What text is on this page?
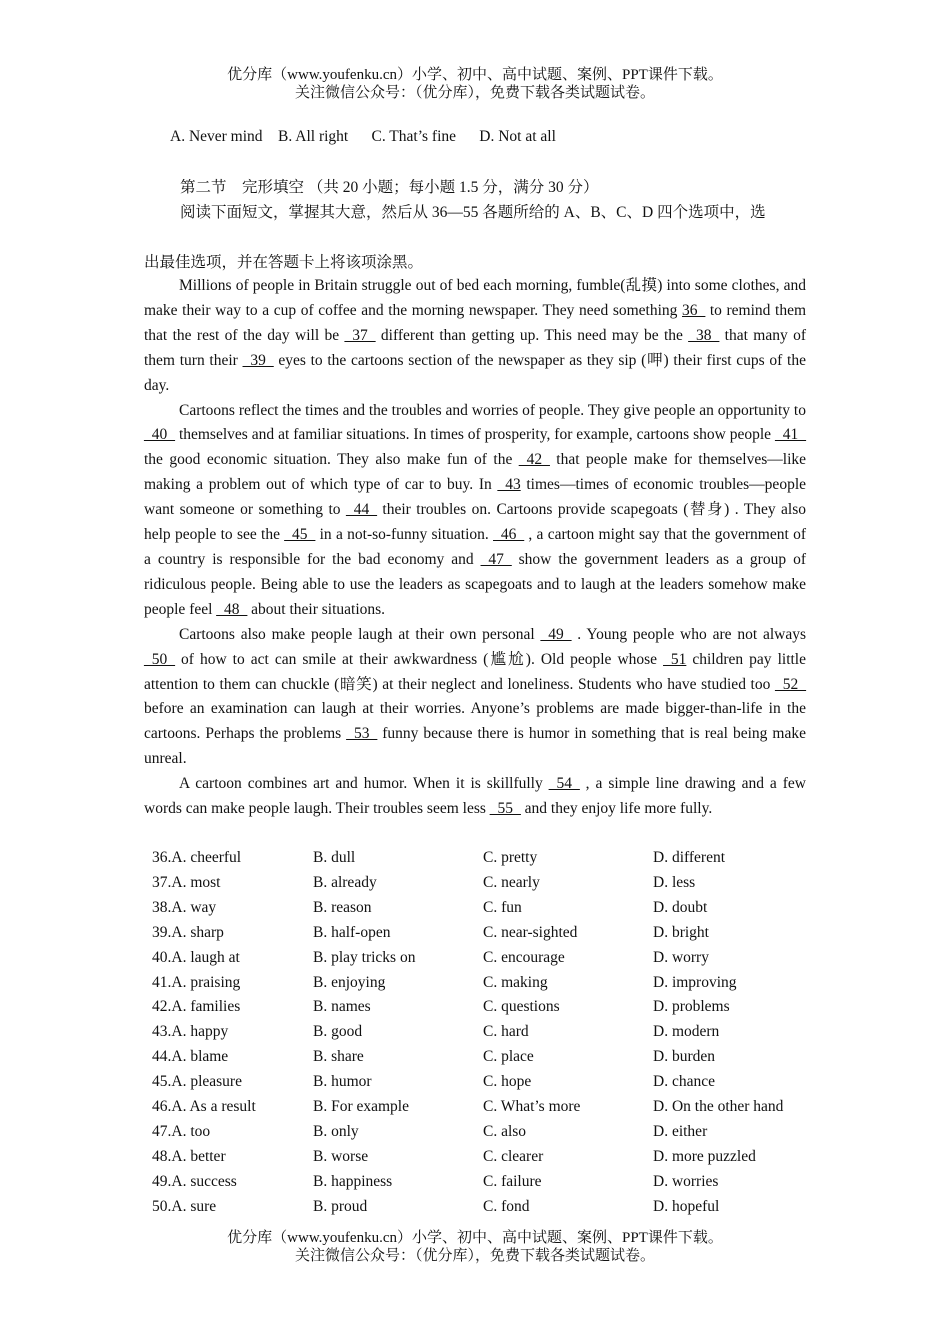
优分库（www.youfenku.cn）小学、初中、高中试题、案例、PPT课件下载。
关注微信公众号：（优分库），免费下载各类试题试卷。
A. Never mind    B. All right      C. That’s fine      D. Not at all
第二节　完形填空 （共 20 小题；每小题 1.5 分，满分 30 分）
阅读下面短文，掌握其大意，然后从 36—55 各题所给的 A、B、C、D 四个选项中，选
出最佳选项，并在答题卡上将该项涂黑。

Millions of people in Britain struggle out of bed each morning, fumble(乱摸) into some clothes, and make their way to a cup of coffee and the morning newspaper. They need something 36_ to remind them that the rest of the day will be _37_ different than getting up. This need may be the _38_ that many of them turn their _39_ eyes to the cartoons section of the newspaper as they sip (呷) their first cups of the day.

Cartoons reflect the times and the troubles and worries of people. They give people an opportunity to _40_ themselves and at familiar situations. In times of prosperity, for example, cartoons show people _41_ the good economic situation. They also make fun of the _42_ that people make for themselves—like making a problem out of which type of car to buy. In _43 times—times of economic troubles—people want someone or something to _44_ their troubles on. Cartoons provide scapegoats (替身) . They also help people to see the _45_ in a not-so-funny situation. _46_ , a cartoon might say that the government of a country is responsible for the bad economy and _47_ show the government leaders as a group of ridiculous people. Being able to use the leaders as scapegoats and to laugh at the leaders somehow make people feel _48_ about their situations.

Cartoons also make people laugh at their own personal _49_ . Young people who are not always _50_ of how to act can smile at their awkwardness (尴尬). Old people whose _51 children pay little attention to them can chuckle (暗笑) at their neglect and loneliness. Students who have studied too _52_ before an examination can laugh at their worries. Anyone’s problems are made bigger-than-life in the cartoons. Perhaps the problems _53_ funny because there is humor in something that is real being make unreal.

A cartoon combines art and humor. When it is skillfully _54_ , a simple line drawing and a few words can make people laugh. Their troubles seem less _55_ and they enjoy life more fully.

36.A. cheerful	B. dull	C. pretty	D. different
37.A. most	B. already	C. nearly	D. less
38.A. way	B. reason	C. fun	D. doubt
39.A. sharp	B. half-open	C. near-sighted	D. bright
40.A. laugh at	B. play tricks on	C. encourage	D. worry
41.A. praising	B. enjoying	C. making	D. improving
42.A. families	B. names	C. questions	D. problems
43.A. happy	B. good	C. hard	D. modern
44.A. blame	B. share	C. place	D. burden
45.A. pleasure	B. humor	C. hope	D. chance
46.A. As a result	B. For example	C. What’s more	D. On the other hand
47.A. too	B. only	C. also	D. either
48.A. better	B. worse	C. clearer	D. more puzzled
49.A. success	B. happiness	C. failure	D. worries
50.A. sure	B. proud	C. fond	D. hopeful
优分库（www.youfenku.cn）小学、初中、高中试题、案例、PPT课件下载。
关注微信公众号：（优分库），免费下载各类试题试卷。
